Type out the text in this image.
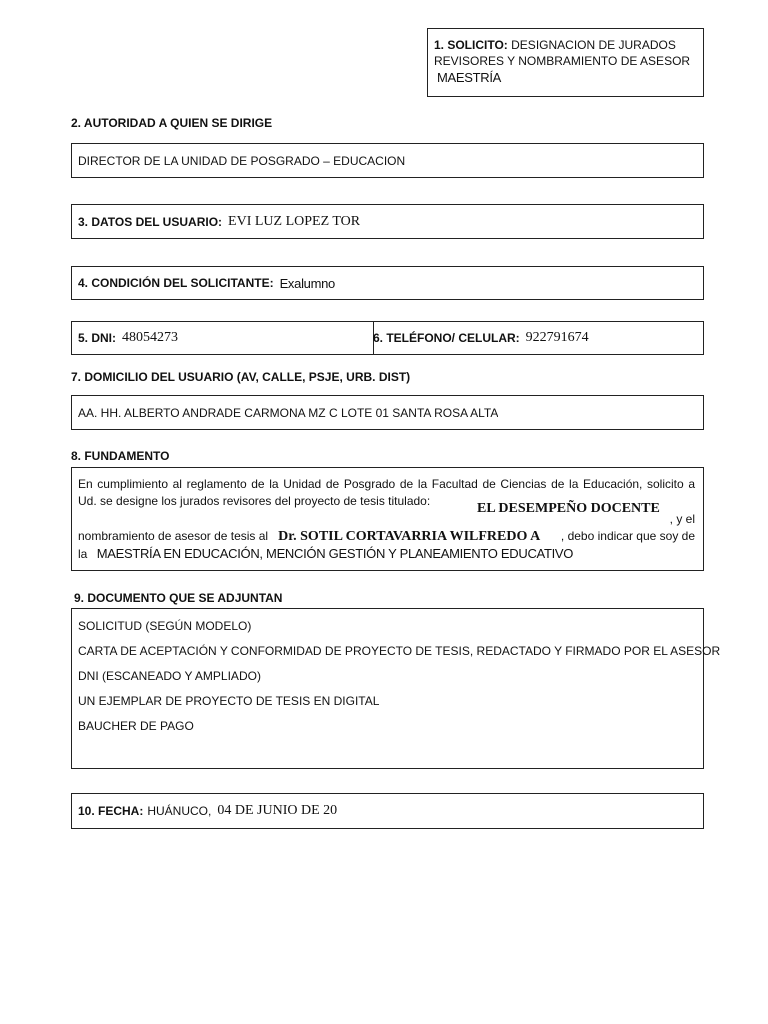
1. SOLICITO: DESIGNACION DE JURADOS
REVISORES Y NOMBRAMIENTO DE ASESOR
MAESTRÍA
2. AUTORIDAD A QUIEN SE DIRIGE
DIRECTOR DE LA UNIDAD DE POSGRADO – EDUCACION
3. DATOS DEL USUARIO: EVI LUZ LOPEZ TOR
4. CONDICIÓN DEL SOLICITANTE: Exalumno
5. DNI: 48054273	6. TELÉFONO/ CELULAR: 922791674
7. DOMICILIO DEL USUARIO (AV, CALLE, PSJE, URB. DIST)
AA. HH. ALBERTO ANDRADE CARMONA MZ C LOTE 01 SANTA ROSA ALTA
8. FUNDAMENTO
En cumplimiento al reglamento de la Unidad de Posgrado de la Facultad de Ciencias de la Educación, solicito a
Ud. se designe los jurados revisores del proyecto de tesis titulado:	EL DESEMPEÑO DOCENTE
, y el
nombramiento de asesor de tesis al Dr. SOTIL CORTAVARRIA WILFREDO A , debo indicar que soy de
la MAESTRÍA EN EDUCACIÓN, MENCIÓN GESTIÓN Y PLANEAMIENTO EDUCATIVO
9. DOCUMENTO QUE SE ADJUNTAN
SOLICITUD (SEGÚN MODELO)
CARTA DE ACEPTACIÓN Y CONFORMIDAD DE PROYECTO DE TESIS, REDACTADO Y FIRMADO POR EL ASESOR
DNI (ESCANEADO Y AMPLIADO)
UN EJEMPLAR DE PROYECTO DE TESIS EN DIGITAL
BAUCHER DE PAGO
10. FECHA: HUÁNUCO, 04 DE JUNIO DE 20
